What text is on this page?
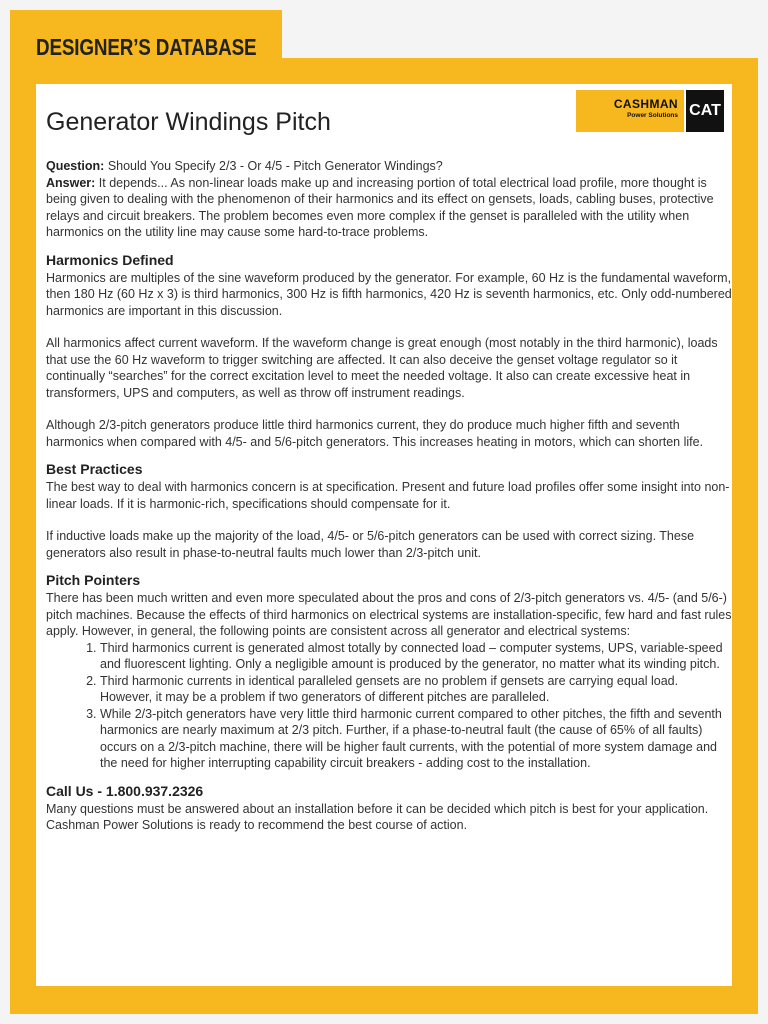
DESIGNER’S DATABASE
Generator Windings Pitch
CASHMAN
Power Solutions CAT

Question: Should You Specify 2/3 - Or 4/5 - Pitch Generator Windings?

Answer: It depends... As non-linear loads make up and increasing portion of total electrical load profile, more thought is being given to dealing with the phenomenon of their harmonics and its effect on gensets, loads, cabling buses, protective relays and circuit breakers. The problem becomes even more complex if the genset is paralleled with the utility when harmonics on the utility line may cause some hard-to-trace problems.

Harmonics Defined

Harmonics are multiples of the sine waveform produced by the generator. For example, 60 Hz is the fundamental waveform, then 180 Hz (60 Hz x 3) is third harmonics, 300 Hz is fifth harmonics, 420 Hz is seventh harmonics, etc. Only odd-numbered harmonics are important in this discussion.

All harmonics affect current waveform. If the waveform change is great enough (most notably in the third harmonic), loads that use the 60 Hz waveform to trigger switching are affected. It can also deceive the genset voltage regulator so it continually “searches” for the correct excitation level to meet the needed voltage. It also can create excessive heat in transformers, UPS and computers, as well as throw off instrument readings.

Although 2/3-pitch generators produce little third harmonics current, they do produce much higher fifth and seventh harmonics when compared with 4/5- and 5/6-pitch generators. This increases heating in motors, which can shorten life.

Best Practices

The best way to deal with harmonics concern is at specification. Present and future load profiles offer some insight into non-linear loads. If it is harmonic-rich, specifications should compensate for it.

If inductive loads make up the majority of the load, 4/5- or 5/6-pitch generators can be used with correct sizing. These generators also result in phase-to-neutral faults much lower than 2/3-pitch unit.

Pitch Pointers

There has been much written and even more speculated about the pros and cons of 2/3-pitch generators vs. 4/5- (and 5/6-) pitch machines. Because the effects of third harmonics on electrical systems are installation-specific, few hard and fast rules apply. However, in general, the following points are consistent across all generator and electrical systems:

1. Third harmonics current is generated almost totally by connected load – computer systems, UPS, variable-speed and fluorescent lighting. Only a negligible amount is produced by the generator, no matter what its winding pitch.
2. Third harmonic currents in identical paralleled gensets are no problem if gensets are carrying equal load. However, it may be a problem if two generators of different pitches are paralleled.
3. While 2/3-pitch generators have very little third harmonic current compared to other pitches, the fifth and seventh harmonics are nearly maximum at 2/3 pitch. Further, if a phase-to-neutral fault (the cause of 65% of all faults) occurs on a 2/3-pitch machine, there will be higher fault currents, with the potential of more system damage and the need for higher interrupting capability circuit breakers - adding cost to the installation.
Call Us - 1.800.937.2326

Many questions must be answered about an installation before it can be decided which pitch is best for your application. Cashman Power Solutions is ready to recommend the best course of action.
